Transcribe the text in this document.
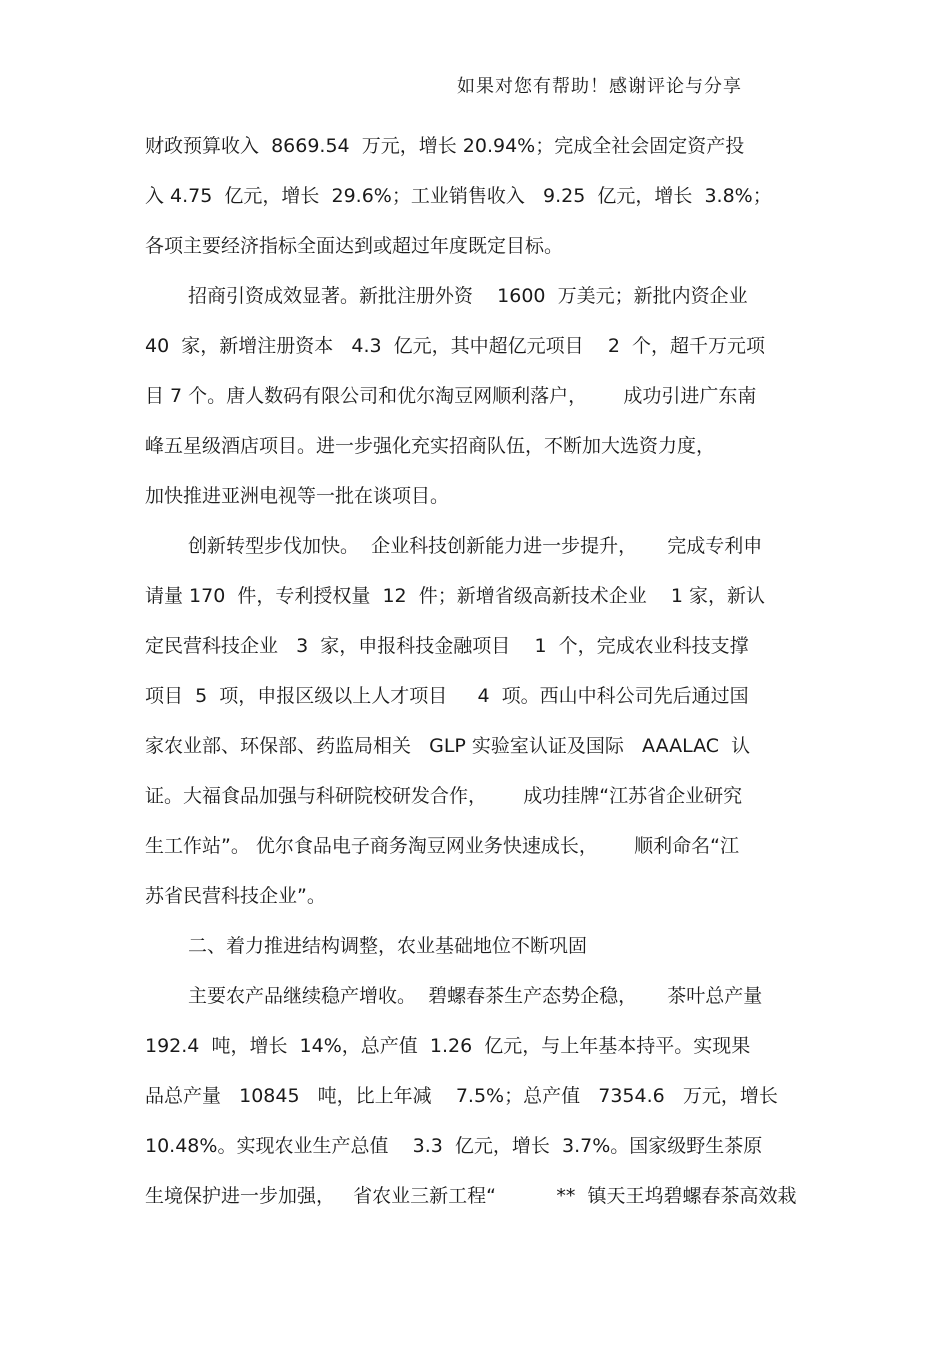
如果对您有帮助！感谢评论与分享
财政预算收入  8669.54  万元，增长 20.94%；完成全社会固定资产投
入 4.75  亿元，增长  29.6%；工业销售收入   9.25  亿元，增长  3.8%；
各项主要经济指标全面达到或超过年度既定目标。
招商引资成效显著。新批注册外资    1600  万美元；新批内资企业
40  家，新增注册资本   4.3  亿元，其中超亿元项目    2  个，超千万元项
目 7 个。唐人数码有限公司和优尔淘豆网顺利落户，      成功引进广东南
峰五星级酒店项目。进一步强化充实招商队伍，不断加大选资力度，
加快推进亚洲电视等一批在谈项目。
创新转型步伐加快。  企业科技创新能力进一步提升，     完成专利申
请量 170  件，专利授权量  12  件；新增省级高新技术企业    1 家，新认
定民营科技企业   3  家，申报科技金融项目    1  个，完成农业科技支撑
项目  5  项，申报区级以上人才项目     4  项。西山中科公司先后通过国
家农业部、环保部、药监局相关   GLP 实验室认证及国际   AAALAC  认
证。大福食品加强与科研院校研发合作，      成功挂牌“江苏省企业研究
生工作站”。 优尔食品电子商务淘豆网业务快速成长，      顺利命名“江
苏省民营科技企业”。
二、着力推进结构调整，农业基础地位不断巩固
主要农产品继续稳产增收。  碧螺春茶生产态势企稳，     茶叶总产量
192.4  吨，增长  14%，总产值  1.26  亿元，与上年基本持平。实现果
品总产量   10845   吨，比上年减    7.5%；总产值   7354.6   万元，增长
10.48%。实现农业生产总值    3.3  亿元，增长  3.7%。国家级野生茶原
生境保护进一步加强，   省农业三新工程“          **  镇天王坞碧螺春茶高效栽
